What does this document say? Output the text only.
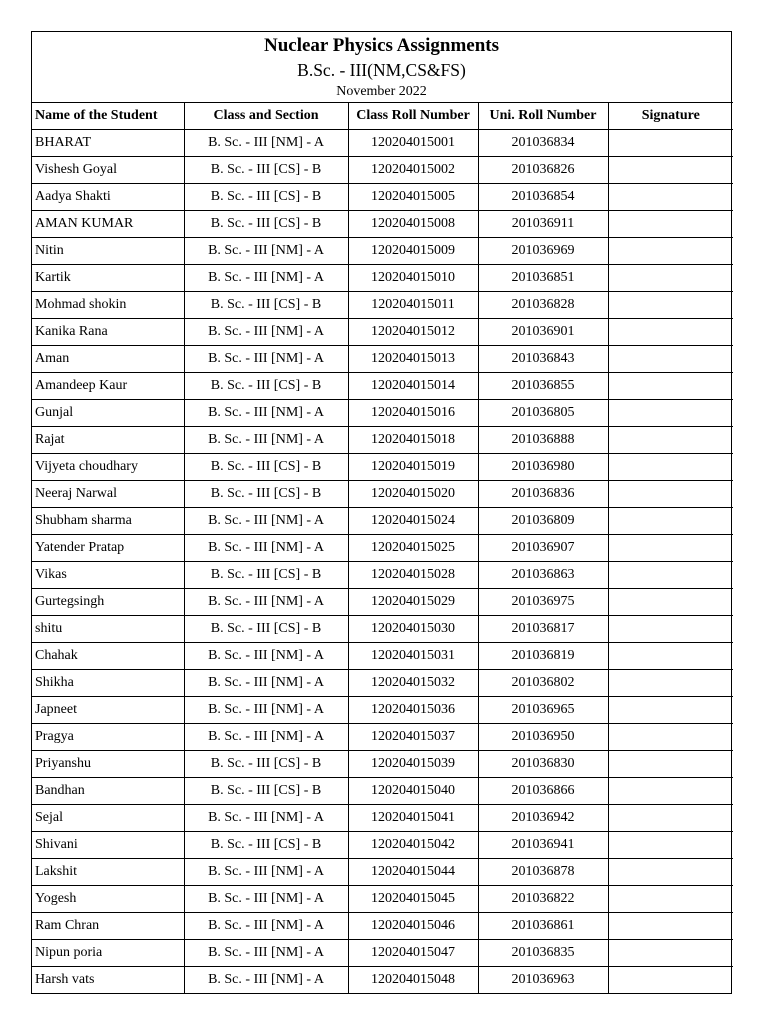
Nuclear Physics Assignments
B.Sc. - III(NM,CS&FS)
November 2022
Name of the Student	Class and Section	Class Roll Number	Uni. Roll Number	Signature
BHARAT	B. Sc. - III [NM] - A	120204015001	201036834	
Vishesh Goyal	B. Sc. - III [CS] - B	120204015002	201036826	
Aadya Shakti	B. Sc. - III [CS] - B	120204015005	201036854	
AMAN KUMAR	B. Sc. - III [CS] - B	120204015008	201036911	
Nitin	B. Sc. - III [NM] - A	120204015009	201036969	
Kartik	B. Sc. - III [NM] - A	120204015010	201036851	
Mohmad shokin	B. Sc. - III [CS] - B	120204015011	201036828	
Kanika Rana	B. Sc. - III [NM] - A	120204015012	201036901	
Aman	B. Sc. - III [NM] - A	120204015013	201036843	
Amandeep Kaur	B. Sc. - III [CS] - B	120204015014	201036855	
Gunjal	B. Sc. - III [NM] - A	120204015016	201036805	
Rajat	B. Sc. - III [NM] - A	120204015018	201036888	
Vijyeta choudhary	B. Sc. - III [CS] - B	120204015019	201036980	
Neeraj Narwal	B. Sc. - III [CS] - B	120204015020	201036836	
Shubham sharma	B. Sc. - III [NM] - A	120204015024	201036809	
Yatender Pratap	B. Sc. - III [NM] - A	120204015025	201036907	
Vikas	B. Sc. - III [CS] - B	120204015028	201036863	
Gurtegsingh	B. Sc. - III [NM] - A	120204015029	201036975	
shitu	B. Sc. - III [CS] - B	120204015030	201036817	
Chahak	B. Sc. - III [NM] - A	120204015031	201036819	
Shikha	B. Sc. - III [NM] - A	120204015032	201036802	
Japneet	B. Sc. - III [NM] - A	120204015036	201036965	
Pragya	B. Sc. - III [NM] - A	120204015037	201036950	
Priyanshu	B. Sc. - III [CS] - B	120204015039	201036830	
Bandhan	B. Sc. - III [CS] - B	120204015040	201036866	
Sejal	B. Sc. - III [NM] - A	120204015041	201036942	
Shivani	B. Sc. - III [CS] - B	120204015042	201036941	
Lakshit	B. Sc. - III [NM] - A	120204015044	201036878	
Yogesh	B. Sc. - III [NM] - A	120204015045	201036822	
Ram Chran	B. Sc. - III [NM] - A	120204015046	201036861	
Nipun poria	B. Sc. - III [NM] - A	120204015047	201036835	
Harsh vats	B. Sc. - III [NM] - A	120204015048	201036963	
